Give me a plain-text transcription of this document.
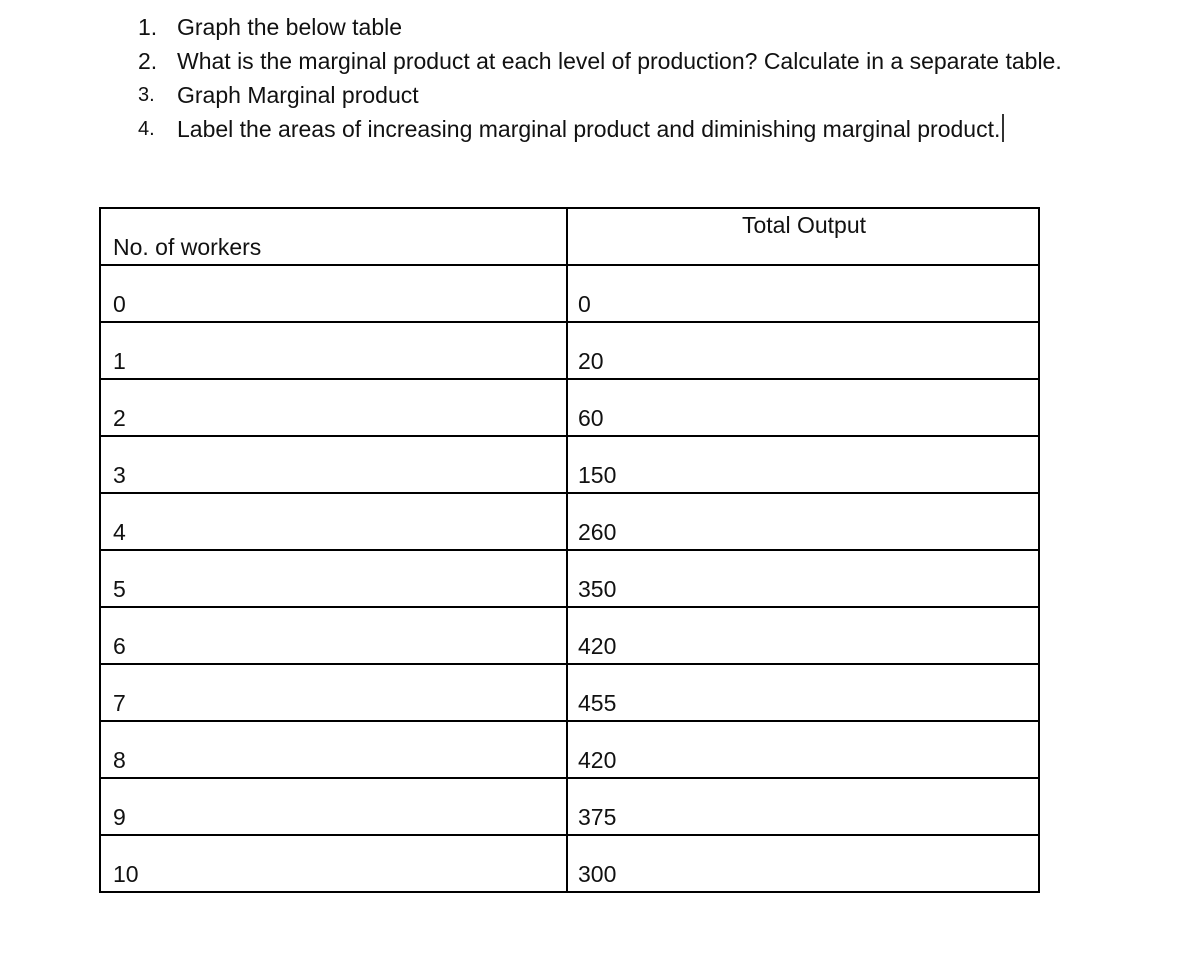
1. Graph the below table
2. What is the marginal product at each level of production? Calculate in a separate table.
3. Graph Marginal product
4. Label the areas of increasing marginal product and diminishing marginal product.
No. of workers	Total Output
0	0
1	20
2	60
3	150
4	260
5	350
6	420
7	455
8	420
9	375
10	300
